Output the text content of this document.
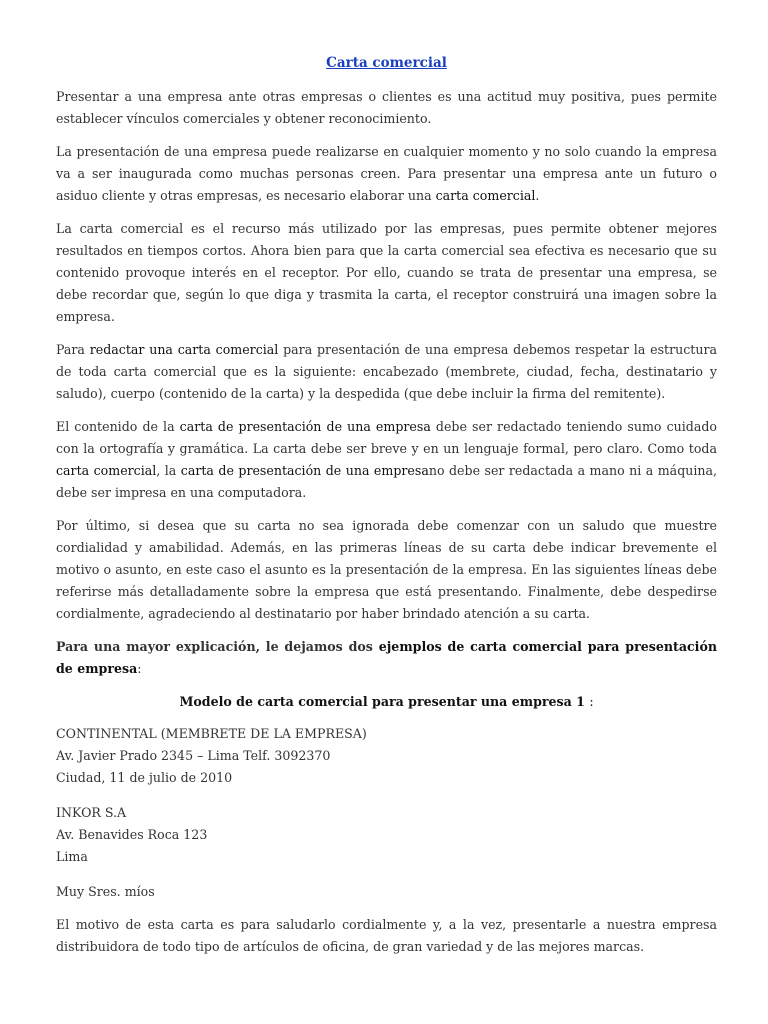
Carta comercial

Presentar a una empresa ante otras empresas o clientes es una actitud muy positiva, pues permite establecer vínculos comerciales y obtener reconocimiento.

La presentación de una empresa puede realizarse en cualquier momento y no solo cuando la empresa va a ser inaugurada como muchas personas creen. Para presentar una empresa ante un futuro o asiduo cliente y otras empresas, es necesario elaborar una carta comercial.

La carta comercial es el recurso más utilizado por las empresas, pues permite obtener mejores resultados en tiempos cortos. Ahora bien para que la carta comercial sea efectiva es necesario que su contenido provoque interés en el receptor. Por ello, cuando se trata de presentar una empresa, se debe recordar que, según lo que diga y trasmita la carta, el receptor construirá una imagen sobre la empresa.

Para redactar una carta comercial para presentación de una empresa debemos respetar la estructura de toda carta comercial que es la siguiente: encabezado (membrete, ciudad, fecha, destinatario y saludo), cuerpo (contenido de la carta) y la despedida (que debe incluir la firma del remitente).

El contenido de la carta de presentación de una empresa debe ser redactado teniendo sumo cuidado con la ortografía y gramática. La carta debe ser breve y en un lenguaje formal, pero claro. Como toda carta comercial, la carta de presentación de una empresano debe ser redactada a mano ni a máquina, debe ser impresa en una computadora.

Por último, si desea que su carta no sea ignorada debe comenzar con un saludo que muestre cordialidad y amabilidad. Además, en las primeras líneas de su carta debe indicar brevemente el motivo o asunto, en este caso el asunto es la presentación de la empresa. En las siguientes líneas debe referirse más detalladamente sobre la empresa que está presentando. Finalmente, debe despedirse cordialmente, agradeciendo al destinatario por haber brindado atención a su carta.

Para una mayor explicación, le dejamos dos ejemplos de carta comercial para presentación de empresa:

Modelo de carta comercial para presentar una empresa 1 :

CONTINENTAL (MEMBRETE DE LA EMPRESA)
Av. Javier Prado 2345 – Lima Telf. 3092370
Ciudad, 11 de julio de 2010
INKOR S.A
Av. Benavides Roca 123
Lima

Muy Sres. míos

El motivo de esta carta es para saludarlo cordialmente y, a la vez, presentarle a nuestra empresa distribuidora de todo tipo de artículos de oficina, de gran variedad y de las mejores marcas.
